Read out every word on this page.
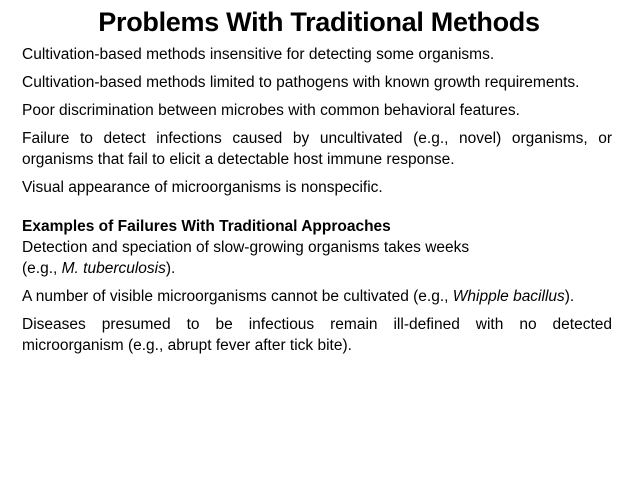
Problems With Traditional Methods

Cultivation-based methods insensitive for detecting some organisms.

Cultivation-based methods limited to pathogens with known growth requirements.

Poor discrimination between microbes with common behavioral features.

Failure to detect infections caused by uncultivated (e.g., novel) organisms, or organisms that fail to elicit a detectable host immune response.

Visual appearance of microorganisms is nonspecific.

Examples of Failures With Traditional Approaches
Detection and speciation of slow-growing organisms takes weeks
(e.g., M. tuberculosis).

A number of visible microorganisms cannot be cultivated (e.g., Whipple bacillus).

Diseases presumed to be infectious remain ill-defined with no detected microorganism (e.g., abrupt fever after tick bite).
